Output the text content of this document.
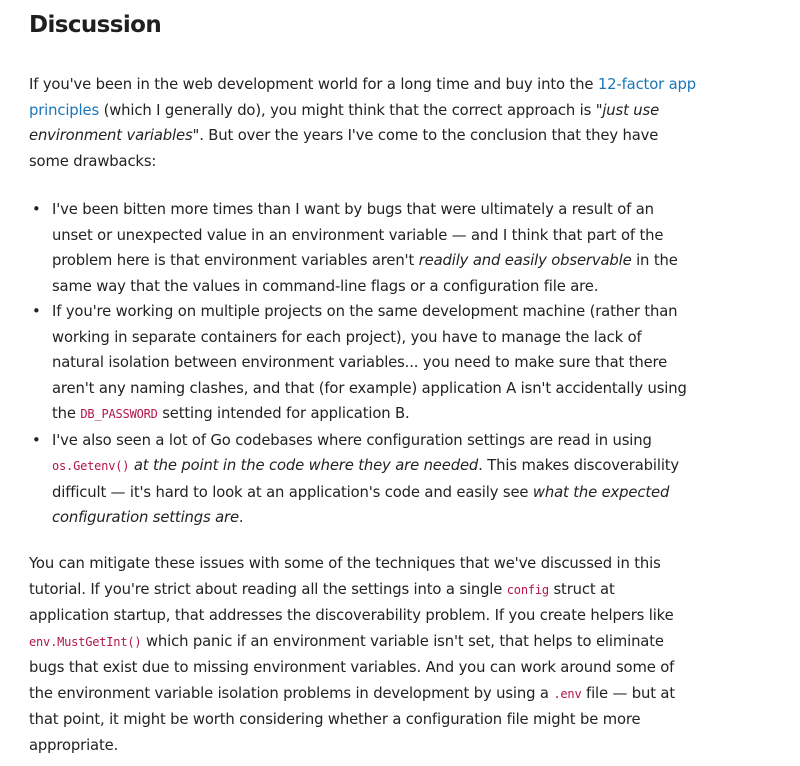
Discussion

If you've been in the web development world for a long time and buy into the 12-factor app
principles (which I generally do), you might think that the correct approach is "just use
environment variables". But over the years I've come to the conclusion that they have
some drawbacks:

• I've been bitten more times than I want by bugs that were ultimately a result of an
unset or unexpected value in an environment variable — and I think that part of the
problem here is that environment variables aren't readily and easily observable in the
same way that the values in command-line flags or a configuration file are.
• If you're working on multiple projects on the same development machine (rather than
working in separate containers for each project), you have to manage the lack of
natural isolation between environment variables... you need to make sure that there
aren't any naming clashes, and that (for example) application A isn't accidentally using
the DB_PASSWORD setting intended for application B.
• I've also seen a lot of Go codebases where configuration settings are read in using
os.Getenv() at the point in the code where they are needed. This makes discoverability
difficult — it's hard to look at an application's code and easily see what the expected
configuration settings are.

You can mitigate these issues with some of the techniques that we've discussed in this
tutorial. If you're strict about reading all the settings into a single config struct at
application startup, that addresses the discoverability problem. If you create helpers like
env.MustGetInt() which panic if an environment variable isn't set, that helps to eliminate
bugs that exist due to missing environment variables. And you can work around some of
the environment variable isolation problems in development by using a .env file — but at
that point, it might be worth considering whether a configuration file might be more
appropriate.
